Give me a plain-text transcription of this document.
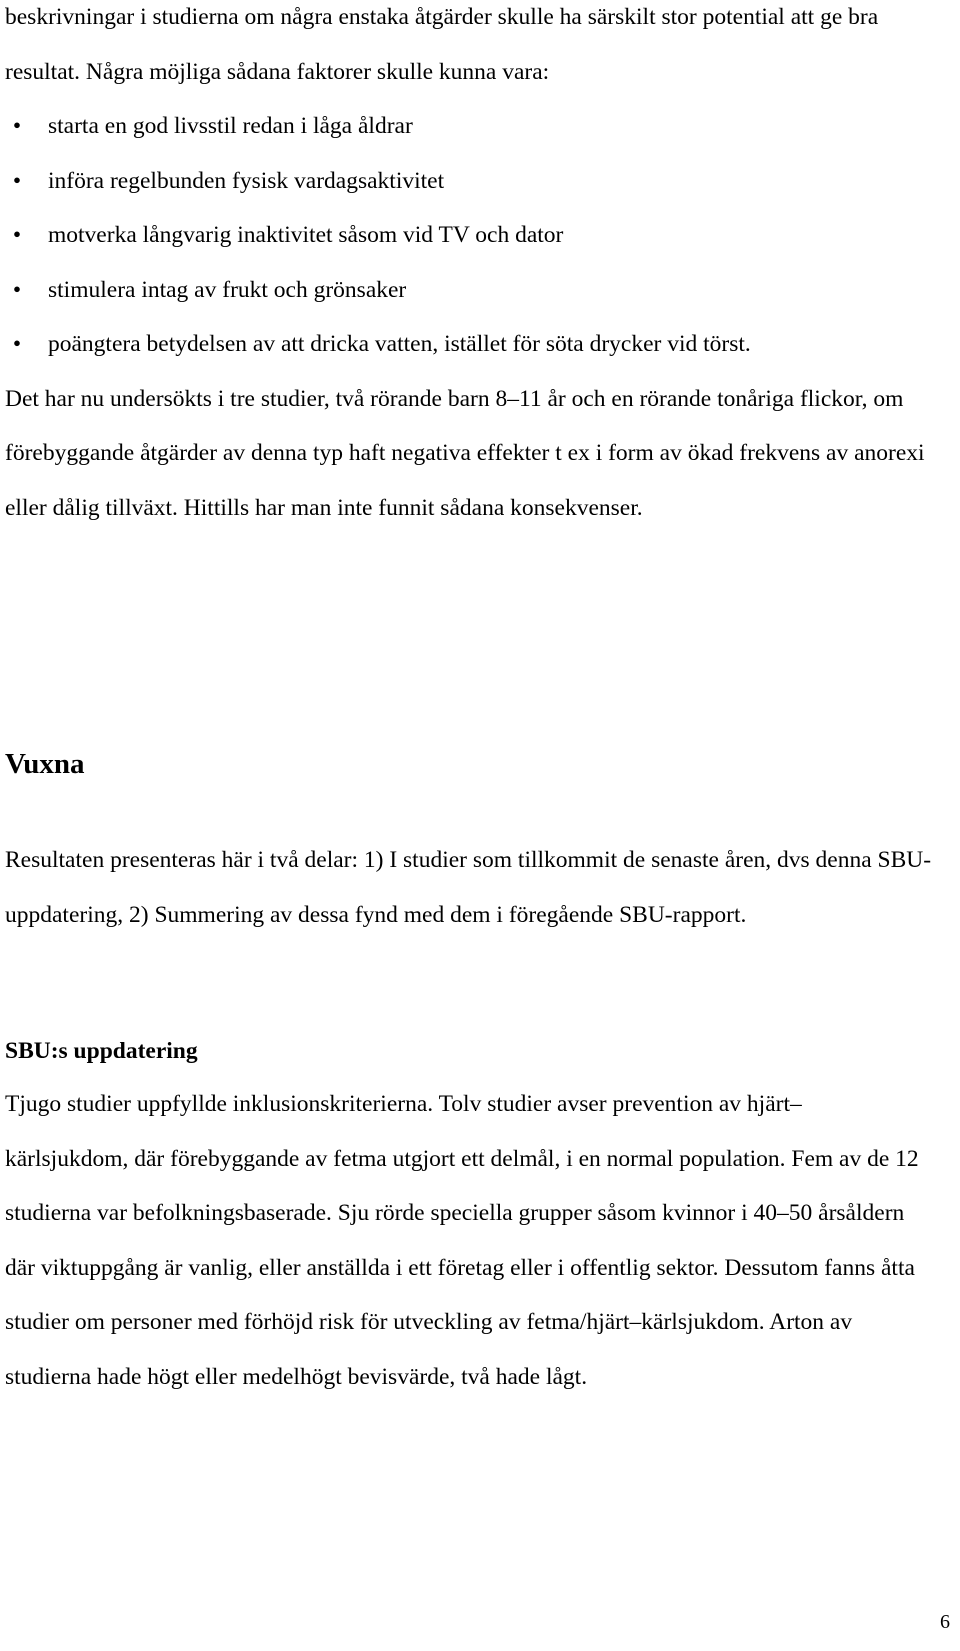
beskrivningar i studierna om några enstaka åtgärder skulle ha särskilt stor potential att ge bra resultat. Några möjliga sådana faktorer skulle kunna vara:

• starta en god livsstil redan i låga åldrar
• införa regelbunden fysisk vardagsaktivitet
• motverka långvarig inaktivitet såsom vid TV och dator
• stimulera intag av frukt och grönsaker
• poängtera betydelsen av att dricka vatten, istället för söta drycker vid törst.

Det har nu undersökts i tre studier, två rörande barn 8–11 år och en rörande tonåriga flickor, om förebyggande åtgärder av denna typ haft negativa effekter t ex i form av ökad frekvens av anorexi eller dålig tillväxt. Hittills har man inte funnit sådana konsekvenser.

Vuxna

Resultaten presenteras här i två delar: 1) I studier som tillkommit de senaste åren, dvs denna SBU-uppdatering, 2) Summering av dessa fynd med dem i föregående SBU-rapport.

SBU:s uppdatering

Tjugo studier uppfyllde inklusionskriterierna. Tolv studier avser prevention av hjärt–kärlsjukdom, där förebyggande av fetma utgjort ett delmål, i en normal population. Fem av de 12 studierna var befolkningsbaserade. Sju rörde speciella grupper såsom kvinnor i 40–50 årsåldern där viktuppgång är vanlig, eller anställda i ett företag eller i offentlig sektor. Dessutom fanns åtta studier om personer med förhöjd risk för utveckling av fetma/hjärt–kärlsjukdom. Arton av studierna hade högt eller medelhögt bevisvärde, två hade lågt.

6
